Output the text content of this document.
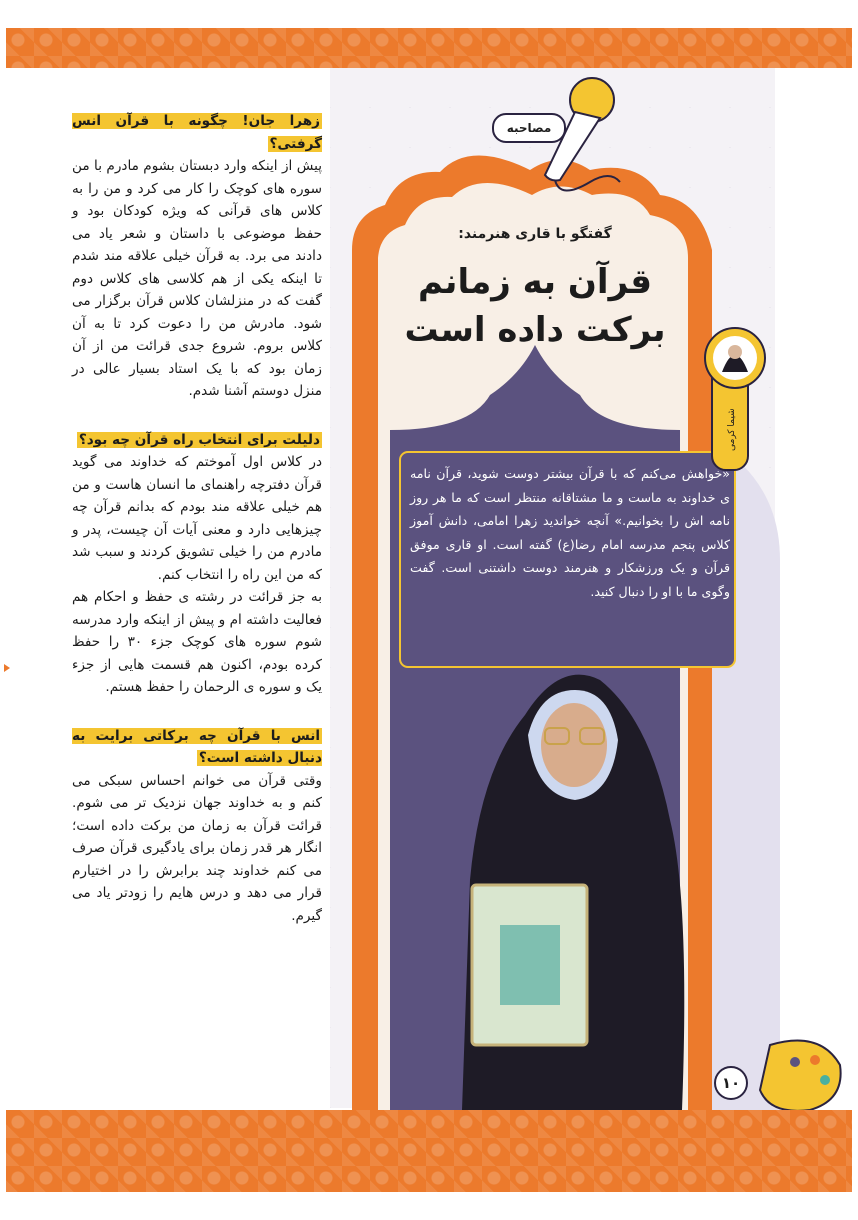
مصاحبه
گفتگو با قاری هنرمند:
قرآن به زمانم
برکت داده است
شیما کرمی
«خواهش می‌کنم که با قرآن بیشتر دوست شوید، قرآن نامه ی خداوند به ماست و ما مشتاقانه منتظر است که ما هر روز نامه اش را بخوانیم.» آنچه خواندید زهرا امامی، دانش آموز کلاس پنجم مدرسه امام رضا(ع) گفته است. او قاری موفق قرآن و یک ورزشکار و هنرمند دوست داشتنی است. گفت وگوی ما با او را دنبال کنید.
زهرا جان! چگونه با قرآن انس گرفتی؟

پیش از اینکه وارد دبستان بشوم مادرم با من سوره های کوچک را کار می کرد و من را به کلاس های قرآنی که ویژه کودکان بود و حفظ موضوعی با داستان و شعر یاد می دادند می برد. به قرآن خیلی علاقه مند شدم تا اینکه یکی از هم کلاسی های کلاس دوم گفت که در منزلشان کلاس قرآن برگزار می شود. مادرش من را دعوت کرد تا به آن کلاس بروم. شروع جدی قرائت من از آن زمان بود که با یک استاد بسیار عالی در منزل دوستم آشنا شدم.

دلیلت برای انتخاب راه قرآن چه بود؟

در کلاس اول آموختم که خداوند می گوید قرآن دفترچه راهنمای ما انسان هاست و من هم خیلی علاقه مند بودم که بدانم قرآن چه چیزهایی دارد و معنی آیات آن چیست، پدر و مادرم من را خیلی تشویق کردند و سبب شد که من این راه را انتخاب کنم.

به جز قرائت در رشته ی حفظ و احکام هم فعالیت داشته ام و پیش از اینکه وارد مدرسه شوم سوره های کوچک جزء ۳۰ را حفظ کرده بودم، اکنون هم قسمت هایی از جزء یک و سوره ی الرحمان را حفظ هستم.

انس با قرآن چه برکاتی برایت به دنبال داشته است؟

وقتی قرآن می خوانم احساس سبکی می کنم و به خداوند جهان نزدیک تر می شوم. قرائت قرآن به زمان من برکت داده است؛ انگار هر قدر زمان برای یادگیری قرآن صرف می کنم خداوند چند برابرش را در اختیارم قرار می دهد و درس هایم را زودتر یاد می گیرم.

۱۰
